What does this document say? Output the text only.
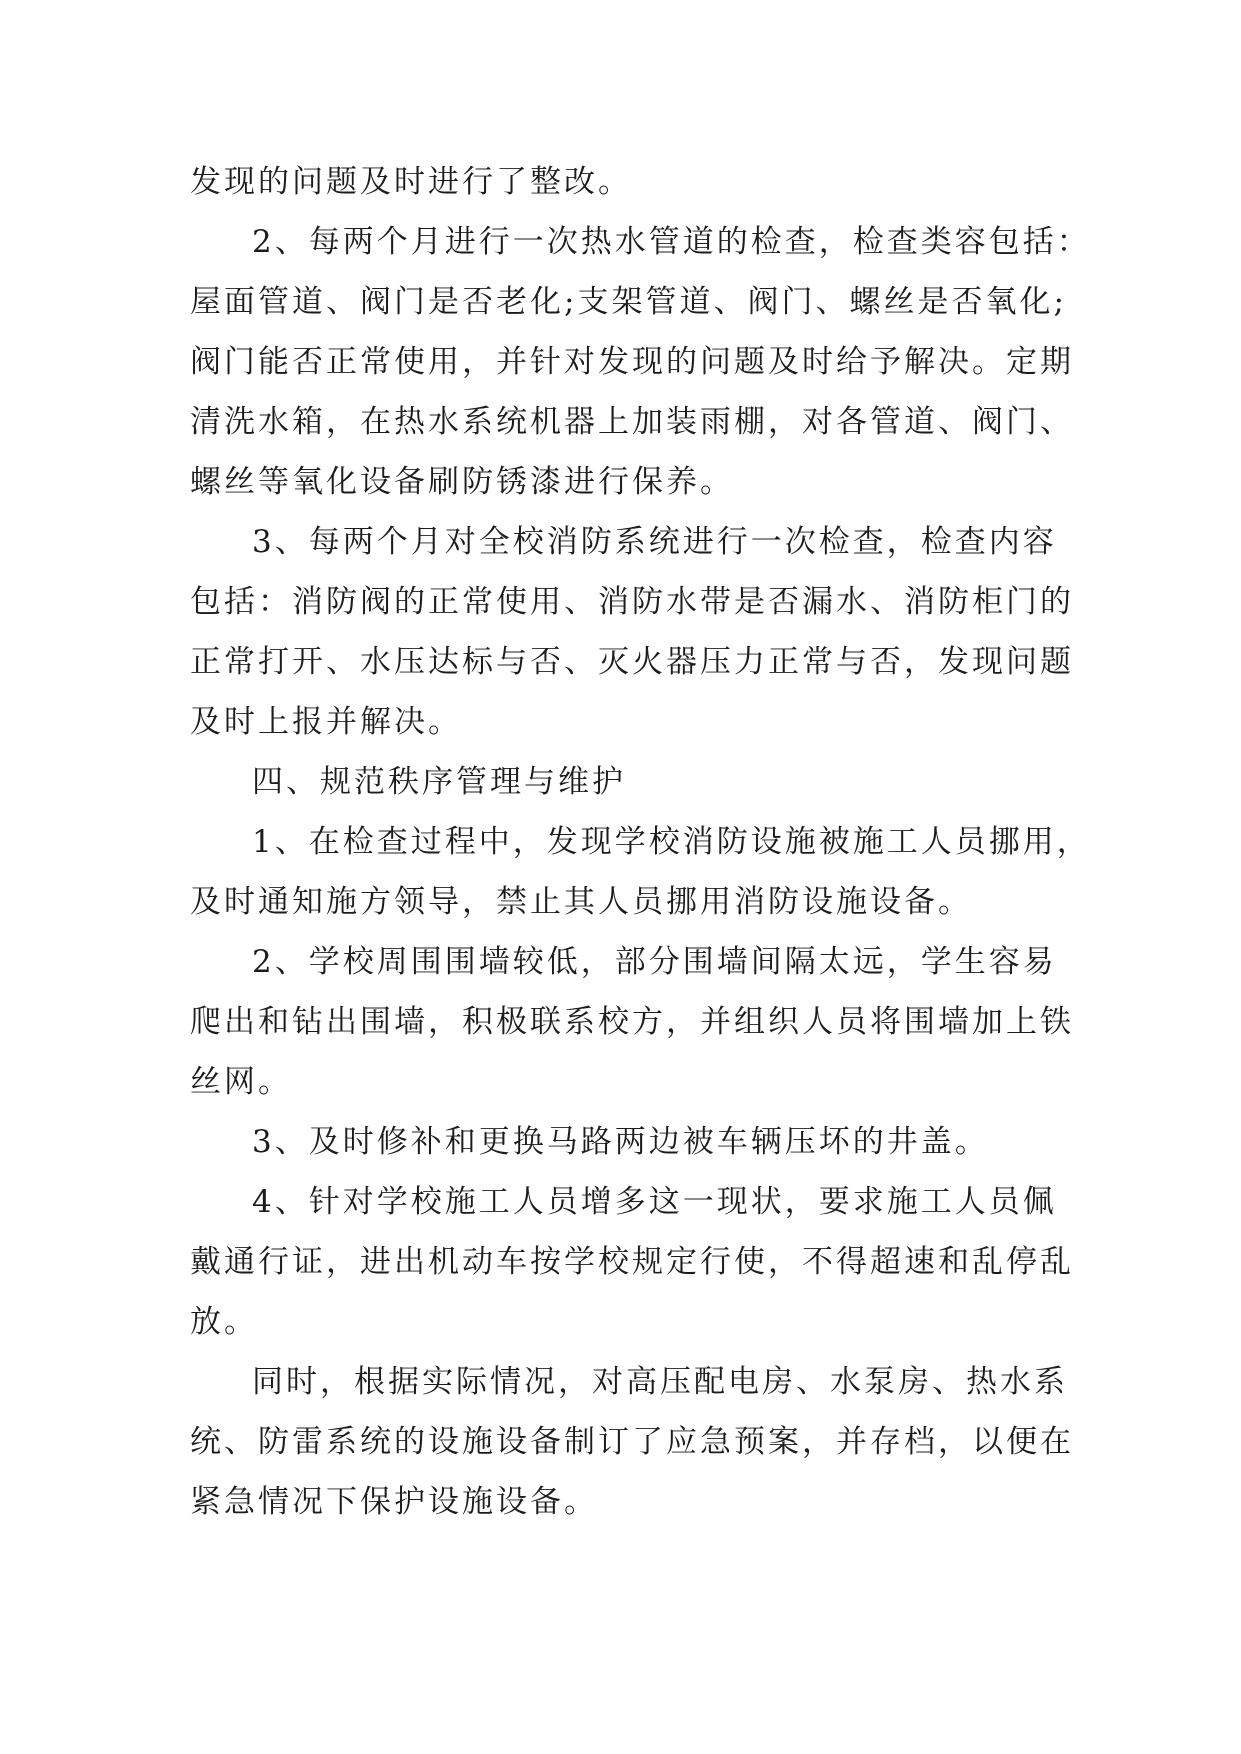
发现的问题及时进行了整改。
2、每两个月进行一次热水管道的检查，检查类容包括：
屋面管道、阀门是否老化;支架管道、阀门、螺丝是否氧化;
阀门能否正常使用，并针对发现的问题及时给予解决。定期
清洗水箱，在热水系统机器上加装雨棚，对各管道、阀门、
螺丝等氧化设备刷防锈漆进行保养。
3、每两个月对全校消防系统进行一次检查，检查内容
包括：消防阀的正常使用、消防水带是否漏水、消防柜门的
正常打开、水压达标与否、灭火器压力正常与否，发现问题
及时上报并解决。
四、规范秩序管理与维护
1、在检查过程中，发现学校消防设施被施工人员挪用，
及时通知施方领导，禁止其人员挪用消防设施设备。
2、学校周围围墙较低，部分围墙间隔太远，学生容易
爬出和钻出围墙，积极联系校方，并组织人员将围墙加上铁
丝网。
3、及时修补和更换马路两边被车辆压坏的井盖。
4、针对学校施工人员增多这一现状，要求施工人员佩
戴通行证，进出机动车按学校规定行使，不得超速和乱停乱
放。
同时，根据实际情况，对高压配电房、水泵房、热水系
统、防雷系统的设施设备制订了应急预案，并存档，以便在
紧急情况下保护设施设备。
